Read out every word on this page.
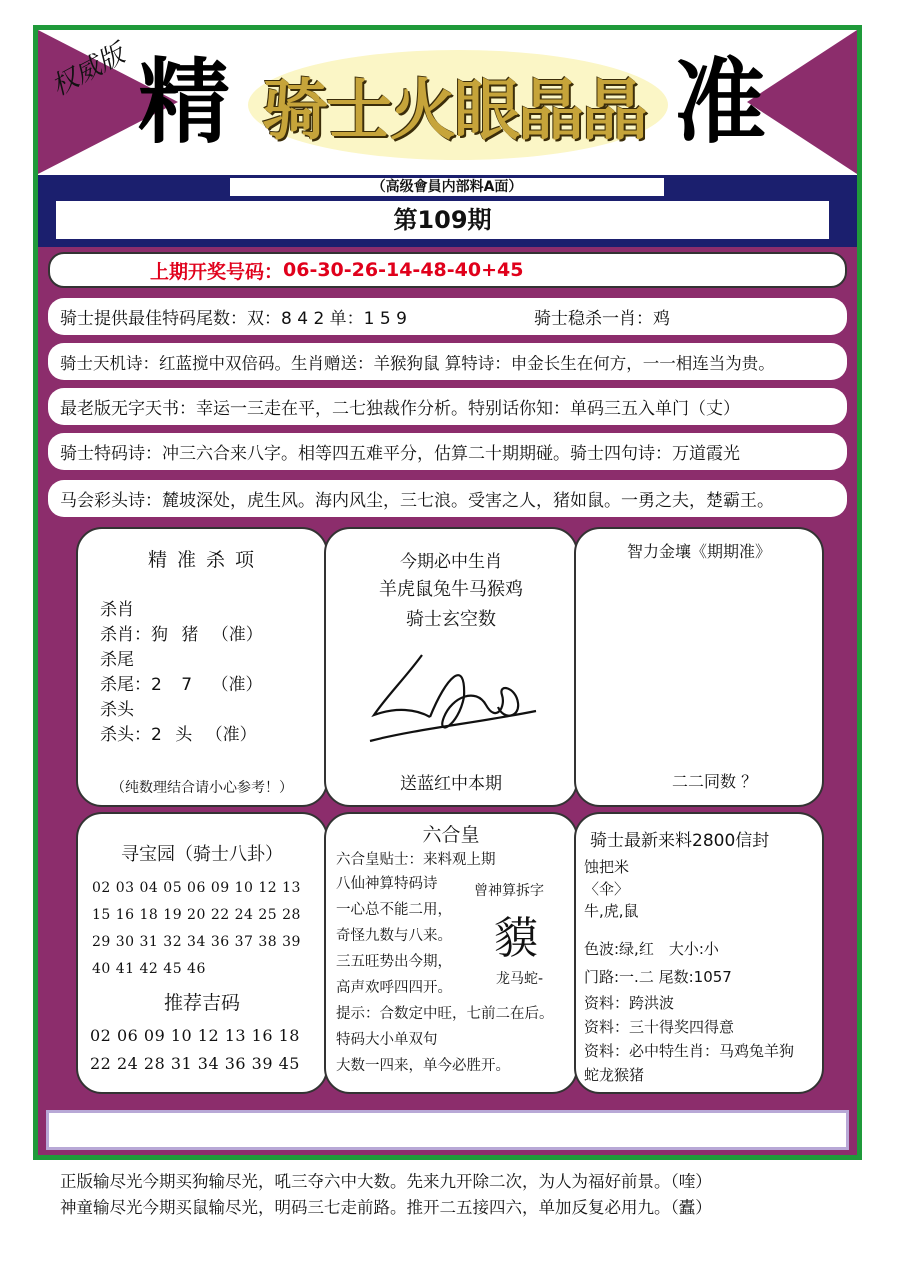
权威版 精 骑士火眼晶晶 准
（高级會員内部料A面）
第109期
上期开奖号码： 06-30-26-14-48-40+45
骑士提供最佳特码尾数：双：8 4 2 单：1 5 9	骑士稳杀一肖：鸡
骑士天机诗：红蓝搅中双倍码。生肖赠送：羊猴狗鼠 算特诗：申金长生在何方，一一相连当为贵。
最老版无字天书：幸运一三走在平，二七独裁作分析。特别话你知：单码三五入单门（丈）
骑士特码诗：冲三六合来八字。相等四五难平分，估算二十期期碰。骑士四句诗：万道霞光
马会彩头诗：麓坡深处，虎生风。海内风尘，三七浪。受害之人，猪如鼠。一勇之夫，楚霸王。
精 准 杀 项
杀肖
杀肖：狗 猪 （准）
杀尾
杀尾：2 7 （准）
杀头
杀头：2 头 （准）
（纯数理结合请小心参考！）
今期必中生肖
羊虎鼠兔牛马猴鸡
骑士玄空数
送蓝红中本期
智力金壤《期期准》
二二同数 ？
寻宝园（骑士八卦）
02 03 04 05 06 09 10 12 13
15 16 18 19 20 22 24 25 28
29 30 31 32 34 36 37 38 39
40 41 42 45 46
推荐吉码
02 06 09 10 12 13 16 18
22 24 28 31 34 36 39 45
六合皇
六合皇贴士：来料观上期
八仙神算特码诗
一心总不能二用，
奇怪九数与八来。
三五旺势出今期，
高声欢呼四四开。
提示：合数定中旺，七前二在后。
特码大小单双句
大数一四来，单今必胜开。
曾神算拆字
貘
龙马蛇-
骑士最新来料2800信封
蚀把米
〈伞〉
牛,虎,鼠
色波:绿,红　大小:小
门路:一.二 尾数:1057
资料：跨洪波
资料：三十得奖四得意
资料：必中特生肖：马鸡兔羊狗
蛇龙猴猪
正版输尽光今期买狗输尽光，吼三夺六中大数。先来九开除二次，为人为福好前景。（喹）
神童输尽光今期买鼠输尽光，明码三七走前路。推开二五接四六，单加反复必用九。（蠹）
